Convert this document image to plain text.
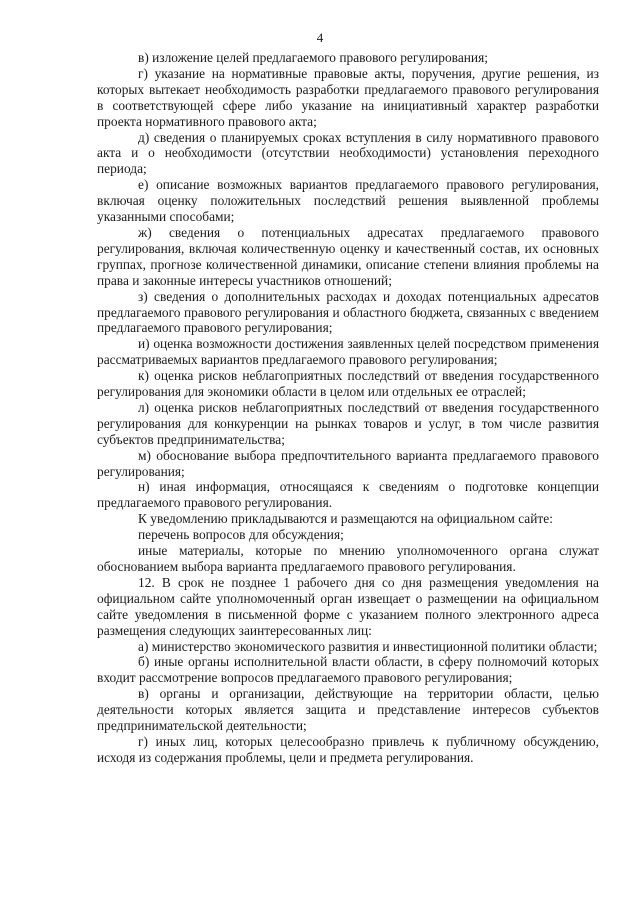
4

в) изложение целей предлагаемого правового регулирования;

г) указание на нормативные правовые акты, поручения, другие решения, из которых вытекает необходимость разработки предлагаемого правового регулирования в соответствующей сфере либо указание на инициативный характер разработки проекта нормативного правового акта;

д) сведения о планируемых сроках вступления в силу нормативного правового акта и о необходимости (отсутствии необходимости) установления переходного периода;

е) описание возможных вариантов предлагаемого правового регулирования, включая оценку положительных последствий решения выявленной проблемы указанными способами;

ж) сведения о потенциальных адресатах предлагаемого правового регулирования, включая количественную оценку и качественный состав, их основных группах, прогнозе количественной динамики, описание степени влияния проблемы на права и законные интересы участников отношений;

з) сведения о дополнительных расходах и доходах потенциальных адресатов предлагаемого правового регулирования и областного бюджета, связанных с введением предлагаемого правового регулирования;

и) оценка возможности достижения заявленных целей посредством применения рассматриваемых вариантов предлагаемого правового регулирования;

к) оценка рисков неблагоприятных последствий от введения государственного регулирования для экономики области в целом или отдельных ее отраслей;

л) оценка рисков неблагоприятных последствий от введения государственного регулирования для конкуренции на рынках товаров и услуг, в том числе развития субъектов предпринимательства;

м) обоснование выбора предпочтительного варианта предлагаемого правового регулирования;

н) иная информация, относящаяся к сведениям о подготовке концепции предлагаемого правового регулирования.

К уведомлению прикладываются и размещаются на официальном сайте:

перечень вопросов для обсуждения;

иные материалы, которые по мнению уполномоченного органа служат обоснованием выбора варианта предлагаемого правового регулирования.

12. В срок не позднее 1 рабочего дня со дня размещения уведомления на официальном сайте уполномоченный орган извещает о размещении на официальном сайте уведомления в письменной форме с указанием полного электронного адреса размещения следующих заинтересованных лиц:

а) министерство экономического развития и инвестиционной политики области;

б) иные органы исполнительной власти области, в сферу полномочий которых входит рассмотрение вопросов предлагаемого правового регулирования;

в) органы и организации, действующие на территории области, целью деятельности которых является защита и представление интересов субъектов предпринимательской деятельности;

г) иных лиц, которых целесообразно привлечь к публичному обсуждению, исходя из содержания проблемы, цели и предмета регулирования.
